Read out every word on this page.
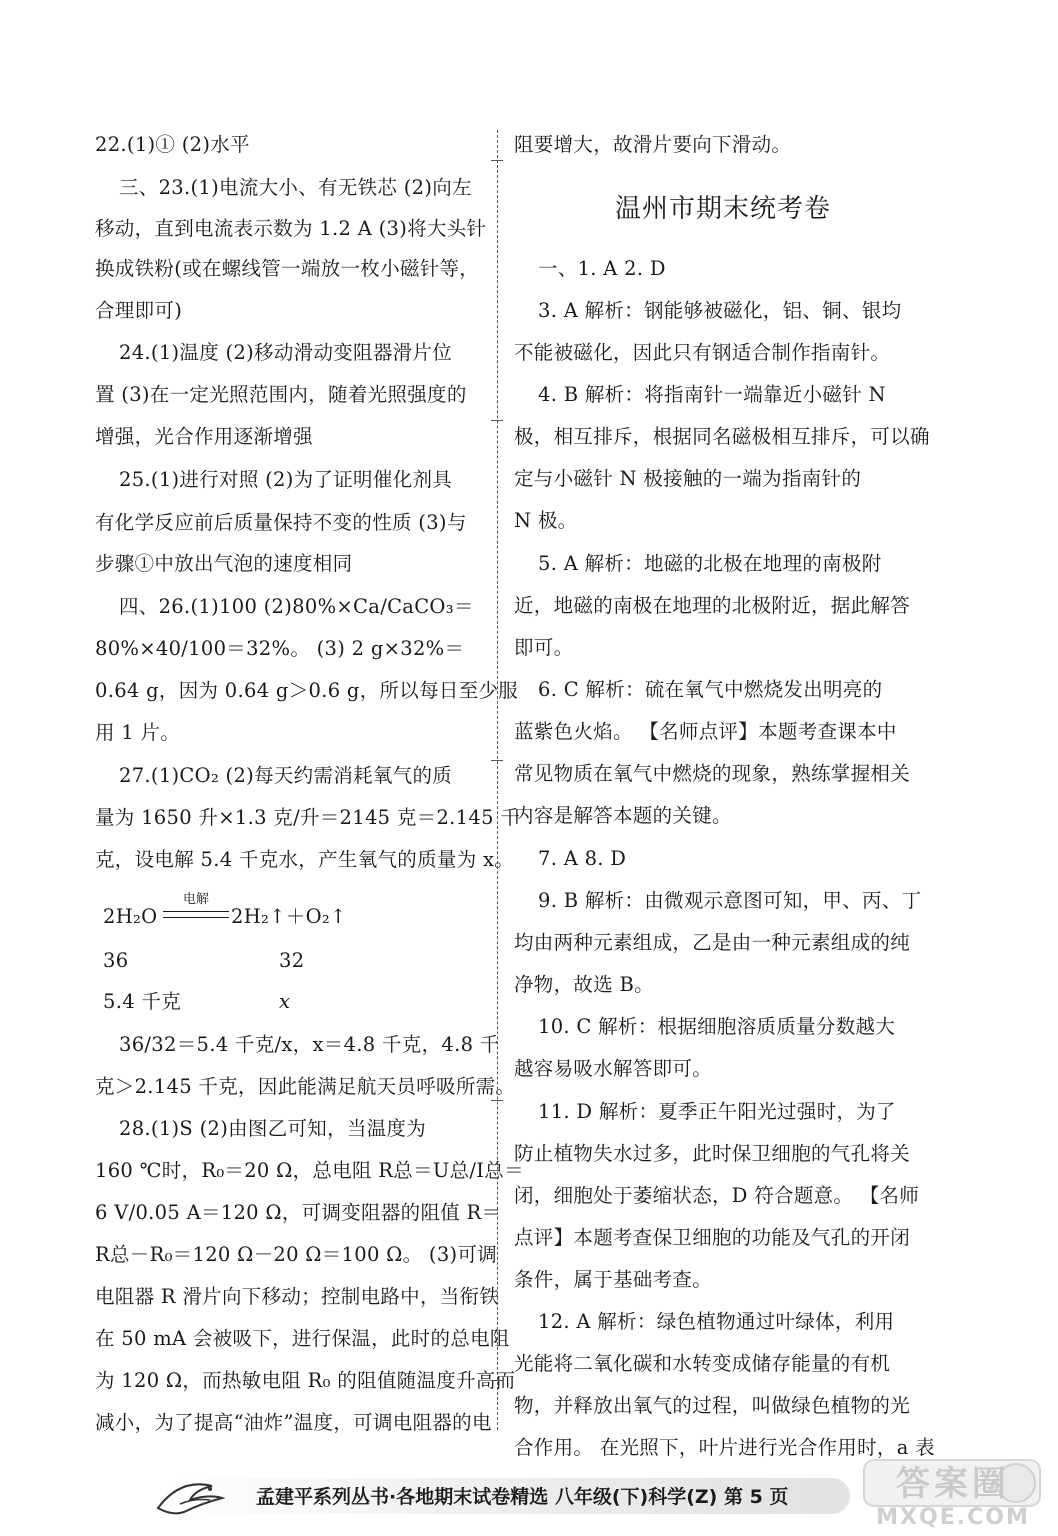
22.(1)① (2)水平
三、23.(1)电流大小、有无铁芯 (2)向左
移动，直到电流表示数为 1.2 A (3)将大头针
换成铁粉(或在螺线管一端放一枚小磁针等，
合理即可)
24.(1)温度 (2)移动滑动变阻器滑片位
置 (3)在一定光照范围内，随着光照强度的
增强，光合作用逐渐增强
25.(1)进行对照 (2)为了证明催化剂具
有化学反应前后质量保持不变的性质 (3)与
步骤①中放出气泡的速度相同
四、26.(1)100 (2)80%×Ca/CaCO₃＝
80%×40/100＝32%。 (3) 2 g×32%＝
0.64 g，因为 0.64 g＞0.6 g，所以每日至少服
用 1 片。
27.(1)CO₂ (2)每天约需消耗氧气的质
量为 1650 升×1.3 克/升＝2145 克＝2.145 千
克，设电解 5.4 千克水，产生氧气的质量为 x。
2H₂O
电解
2H₂↑＋O₂↑
36	32
5.4 千克	x
36/32＝5.4 千克/x，x＝4.8 千克，4.8 千
克＞2.145 千克，因此能满足航天员呼吸所需。
28.(1)S (2)由图乙可知，当温度为
160 ℃时，R₀＝20 Ω，总电阻 R总＝U总/I总＝
6 V/0.05 A＝120 Ω，可调变阻器的阻值 R＝
R总－R₀＝120 Ω－20 Ω＝100 Ω。 (3)可调
电阻器 R 滑片向下移动；控制电路中，当衔铁
在 50 mA 会被吸下，进行保温，此时的总电阻
为 120 Ω，而热敏电阻 R₀ 的阻值随温度升高而
减小，为了提高“油炸”温度，可调电阻器的电
阻要增大，故滑片要向下滑动。
温州市期末统考卷
一、1. A 2. D
3. A 解析：钢能够被磁化，铝、铜、银均
不能被磁化，因此只有钢适合制作指南针。
4. B 解析：将指南针一端靠近小磁针 N
极，相互排斥，根据同名磁极相互排斥，可以确
定与小磁针 N 极接触的一端为指南针的
N 极。
5. A 解析：地磁的北极在地理的南极附
近，地磁的南极在地理的北极附近，据此解答
即可。
6. C 解析：硫在氧气中燃烧发出明亮的
蓝紫色火焰。 【名师点评】本题考查课本中
常见物质在氧气中燃烧的现象，熟练掌握相关
内容是解答本题的关键。
7. A 8. D
9. B 解析：由微观示意图可知，甲、丙、丁
均由两种元素组成，乙是由一种元素组成的纯
净物，故选 B。
10. C 解析：根据细胞溶质质量分数越大
越容易吸水解答即可。
11. D 解析：夏季正午阳光过强时，为了
防止植物失水过多，此时保卫细胞的气孔将关
闭，细胞处于萎缩状态，D 符合题意。 【名师
点评】本题考查保卫细胞的功能及气孔的开闭
条件，属于基础考查。
12. A 解析：绿色植物通过叶绿体，利用
光能将二氧化碳和水转变成储存能量的有机
物，并释放出氧气的过程，叫做绿色植物的光
合作用。 在光照下，叶片进行光合作用时，a 表
孟建平系列丛书·各地期末试卷精选 八年级(下)科学(Z) 第 5 页	答案圈
MXQE.COM
